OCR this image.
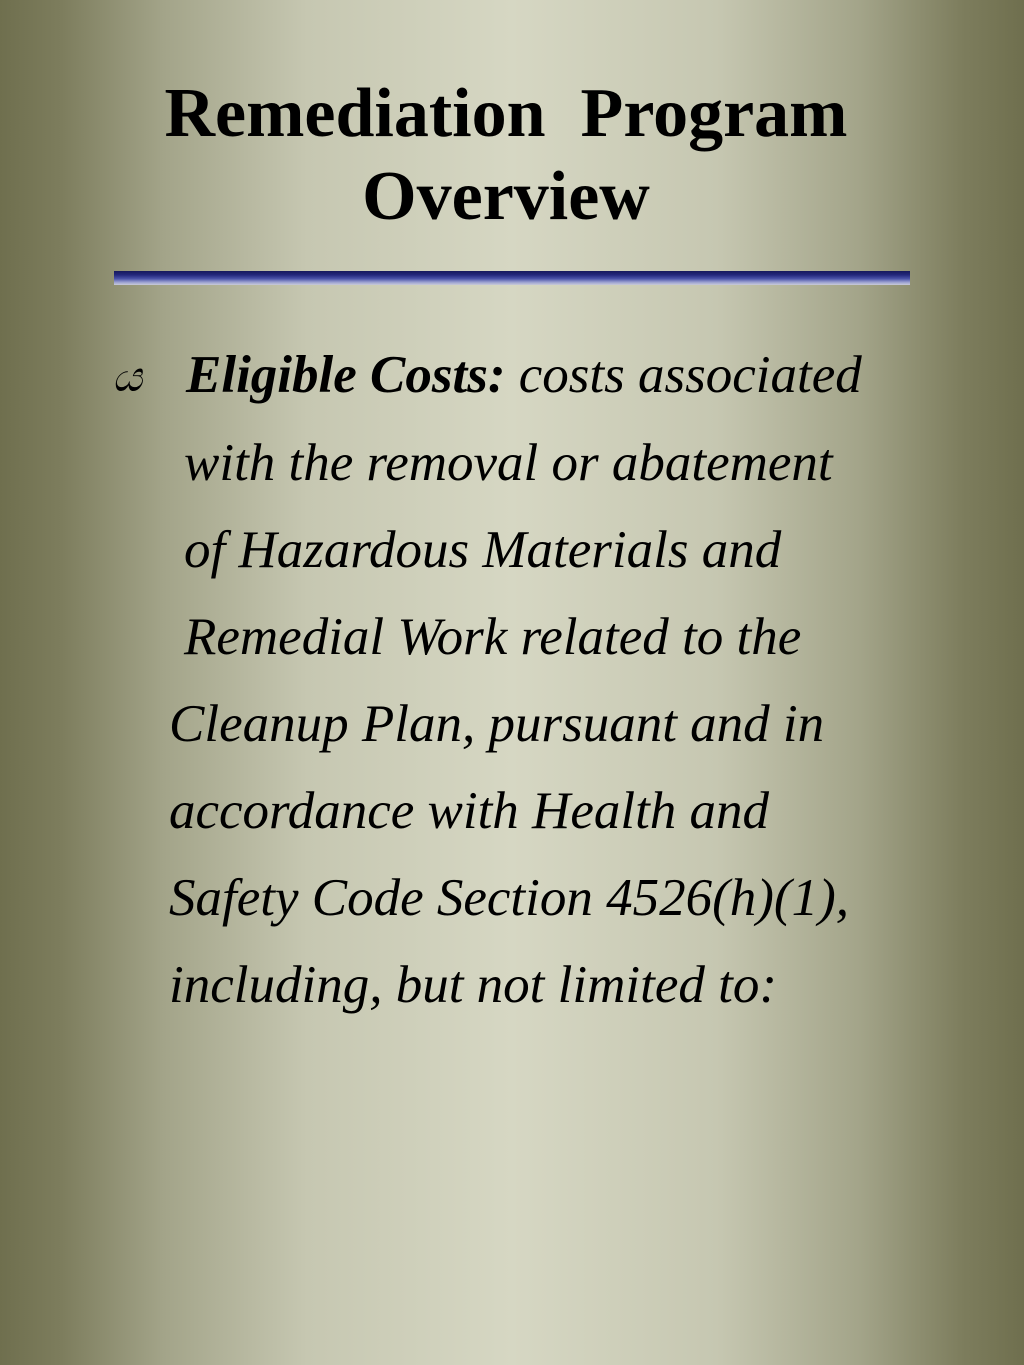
Remediation  Program
Overview
ය Eligible Costs: costs associated

with the removal or abatement

of Hazardous Materials and

Remedial Work related to the

Cleanup Plan, pursuant and in

accordance with Health and

Safety Code Section 4526(h)(1),

including, but not limited to:
